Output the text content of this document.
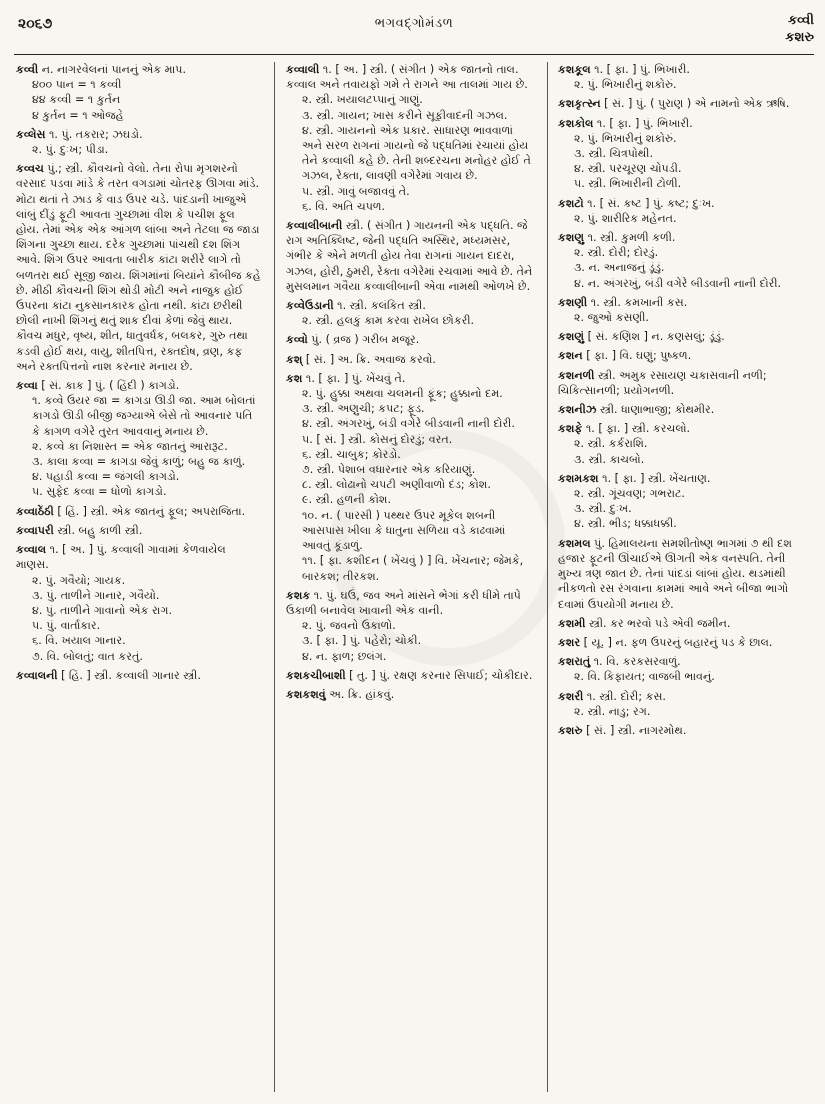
૨૦૬૭	ભગવદ્ગોમંડળ	કવ્વી
કશરુ
કવ્વી ન. નાગરવેલનાં પાનનું એક માપ.
૪૦૦ પાન = ૧ કવ્વી
૪૪ કવ્વી = ૧ કુર્તન
૪ કુર્તન = ૧ ઓજહે
કવ્લેસ ૧. પું. તકરાર; ઝઘડો.
૨. પું. દુઃખ; પીડા.
કવ્વચ પું.; સ્ત્રી. કૌવચનો વેલો. તેના રોપા મૃગશરનો વરસાદ પડવા માંડે કે તરત વગડામાં ચોતરફ ઊગવા માંડે. મોટા થતાં તે ઝાડ કે વાડ ઉપર ચડે. પાંદડાની ખાજુએ લાંબું દીંડું ફૂટી આવતા ગુચ્છામાં વીશ કે પચીશ ફૂલ હોય. તેમાં એક એક આંગળ લાંબા અને તેટલા જ જાડા શિંગના ગુચ્છા થાય. દરેક ગુચ્છામાં પાંચથી દશ શિંગ આવે. શિંગ ઉપર આવતા બારીક કાંટા શરીરે લાગે તો બળતરા થઈ સૂજી જાય. શિંગમાંનાં બિયાંને કૌબીજ કહે છે. મીઠી કૌવચની શિંગ થોડી મોટી અને નાજુક હોઈ ઉપરના કાંટા નુકસાનકારક હોતા નથી. કાંટા છરીથી છોલી નાખી શિંગનું થતું શાક દીવાં કેળાં જેવું થાય. કૌવચ મધુર, વૃષ્ય, શીત, ધાતુવર્ધક, બલકર, ગુરુ તથા કડવી હોઈ ક્ષય, વાયુ, શીતપિત્ત, રક્તદોષ, વ્રણ, કફ અને રક્તપિત્તનો નાશ કરનાર મનાય છે.
કવ્વા [ સં. કાક ] પું. ( હિંદી ) કાગડો.
૧. કવ્વે ઉયર જા = કાગડા ઊડી જા. આમ બોલતાં કાગડો ઊડી બીજી જગ્યાએ બેસે તો આવનાર પતિ કે કાગળ વગેરે તુરત આવવાનું મનાય છે.
૨. કવ્વે કા નિશાસ્ત = એક જાતનું આરારૂટ.
૩. કાલા કવ્વા = કાગડા જેવું કાળું; બહુ જ કાળું.
૪. પહાડી કવ્વા = જંગલી કાગડો.
૫. સુફેદ કવ્વા = ધોળો કાગડો.
કવ્વાઠેંઠી [ હિં. ] સ્ત્રી. એક જાતનું ફૂલ; અપરાજિતા.
કવ્વાપરી સ્ત્રી. બહુ કાળી સ્ત્રી.
કવ્વાલ ૧. [ અ. ] પું. કવ્વાલી ગાવામાં કેળવાયેલ માણસ.
૨. પું. ગવૈયો; ગાયક.
૩. પું. તાળીને ગાનાર, ગવૈયો.
૪. પું. તાળીને ગાવાનો એક રાગ.
૫. પું. વાર્તાકાર.
૬. વિ. ખયાલ ગાનાર.
૭. વિ. બોલતું; વાત કરતું.
કવ્વાલની [ હિં. ] સ્ત્રી. કવ્વાલી ગાનાર સ્ત્રી.
કવ્વાલી ૧. [ અ. ] સ્ત્રી. ( સંગીત ) એક જાતનો તાલ. કવ્વાલ અને તવાયફો ગમે તે રાગને આ તાલમાં ગાય છે.
૨. સ્ત્રી. ખયાલટપ્પાનું ગાણું.
૩. સ્ત્રી. ગાયન; ખાસ કરીને સૂફીવાદની ગઝલ.
૪. સ્ત્રી. ગાયનનો એક પ્રકાર. સાધારણ ભાવવાળાં અને સરળ રાગનાં ગાયનો જે પદ્ધતિમાં રચાયાં હોય તેને કવ્વાલી કહે છે. તેની શબ્દરચના મનોહર હોઈ તે ગઝલ, રેક્તા, લાવણી વગેરેમાં ગવાય છે.
૫. સ્ત્રી. ગાવું બજાવવું તે.
૬. વિ. અતિ ચપળ.
કવ્વાલીબાની સ્ત્રી. ( સંગીત ) ગાયનની એક પદ્ધતિ. જે રાગ અતિક્લિષ્ટ, જેની પદ્ધતિ અસ્થિર, મધ્યમસર, ગંભીર કે એને મળતી હોય તેવા રાગનાં ગાયન દાદરા, ગઝલ, હોરી, ઠુમરી, રેક્તા વગેરેમાં રચવામાં આવે છે. તેને મુસલમાન ગવૈયા કવ્વાલીબાની એવા નામથી ઓળખે છે.
કવ્વેઉડાની ૧. સ્ત્રી. કલંકિત સ્ત્રી.
૨. સ્ત્રી. હલકું કામ કરવા રાખેલ છોકરી.
કવ્વો પું. ( વ્રજ ) ગરીબ મજૂર.
કશ્ [ સં. ] અ. ક્રિ. અવાજ કરવો.
કશ ૧. [ ફા. ] પું. ખેંચવું તે.
૨. પું. હુક્કા અથવા ચલમની ફૂંક; હુક્કાનો દમ.
૩. સ્ત્રી. અણુચી; કપટ; ફૂડ.
૪. સ્ત્રી. અંગરખું, બંડી વગેરે બીડવાની નાની દોરી.
૫. [ સં. ] સ્ત્રી. કોસનું દોરડું; વરત.
૬. સ્ત્રી. ચાબુક; કોરડો.
૭. સ્ત્રી. પેશાબ વધારનાર એક કરિયાણું.
૮. સ્ત્રી. લોઢાનો ચપટી અણીવાળો દંડ; કોશ.
૯. સ્ત્રી. હળની કોશ.
૧૦. ન. ( પારસી ) પથ્થર ઉપર મૂકેલ શબની આસપાસ ખીલા કે ધાતુના સળિયા વડે કાઢવામાં આવતું કૂંડાળું.
૧૧. [ ફા. કશીદન ( ખેંચવું ) ] વિ. ખેંચનાર; જેમકે, બારકશ; તીરકશ.
કશક ૧. પું. ઘઉં, જવ અને માંસને ભેગાં કરી ધીમે તાપે ઉકાળી બનાવેલ ખાવાની એક વાની.
૨. પું. જવનો ઉકાળો.
૩. [ ફા. ] પું. પહેરો; ચોકી.
૪. ન. ફાળ; છલંગ.
કશકચીબાશી [ તુ. ] પું. રક્ષણ કરનાર સિપાઈ; ચોકીદાર.
કશકશવું અ. ક્રિ. હાંકવું.
કશકૂલ ૧. [ ફા. ] પું. ભિખારી.
૨. પું. ભિખારીનું શકોરું.
કશકૃત્સ્ન [ સં. ] પું. ( પુરાણ ) એ નામનો એક ઋષિ.
કશકોલ ૧. [ ફા. ] પું. ભિખારી.
૨. પું. ભિખારીનું શકોરું.
૩. સ્ત્રી. ચિત્રપોથી.
૪. સ્ત્રી. પરચૂરણ ચોપડી.
૫. સ્ત્રી. ભિખારીની ટોળી.
કશટો ૧. [ સં. કષ્ટ ] પું. કષ્ટ; દુઃખ.
૨. પું. શારીરિક મહેનત.
કશણુ ૧. સ્ત્રી. કુમળી કળી.
૨. સ્ત્રી. દોરી; દોરડું.
૩. ન. અનાજનું ડૂંડું.
૪. ન. અંગરખું, બંડી વગેરે બીડવાની નાની દોરી.
કશણી ૧. સ્ત્રી. કમખાની કસ.
૨. જુઓ કસણી.
કશણું [ સં. કણિશ ] ન. કણસલું; ડૂંડું.
કશન [ ફા. ] વિ. ઘણું; પુષ્કળ.
કશનળી સ્ત્રી. અમુક રસાયણ ચકાસવાની નળી; ચિકિત્સાનળી; પ્રયોગનળી.
કશનીઝ સ્ત્રી. ધાણાભાજી; કોથમીર.
કશફે ૧. [ ફા. ] સ્ત્રી. કરચલો.
૨. સ્ત્રી. કર્કરાશિ.
૩. સ્ત્રી. કાચબો.
કશમકશ ૧. [ ફા. ] સ્ત્રી. ખેંચતાણ.
૨. સ્ત્રી. ગૂંચવણ; ગભરાટ.
૩. સ્ત્રી. દુઃખ.
૪. સ્ત્રી. ભીડ; ધક્કાધક્કી.
કશમલ પું. હિમાલયના સમશીતોષ્ણ ભાગમાં ૭ થી દશ હજાર ફૂટની ઊંચાઈએ ઊગતી એક વનસ્પતિ. તેની મુખ્ય ત્રણ જાત છે. તેનાં પાંદડાં લાંબાં હોય. થડમાંથી નીકળતો રસ રંગવાના કામમાં આવે અને બીજા ભાગો દવામાં ઉપયોગી મનાય છે.
કશમી સ્ત્રી. કર ભરવો પડે એવી જમીન.
કશર [ યૂ. ] ન. ફળ ઉપરનું બહારનું પડ કે છાલ.
કશરાતું ૧. વિ. કરકસરવાળું.
૨. વિ. કિફાયત; વાજબી ભાવનું.
કશરી ૧. સ્ત્રી. દોરી; કસ.
૨. સ્ત્રી. નાડુ; રગ.
કશરુ [ સં. ] સ્ત્રી. નાગરમોથ.
